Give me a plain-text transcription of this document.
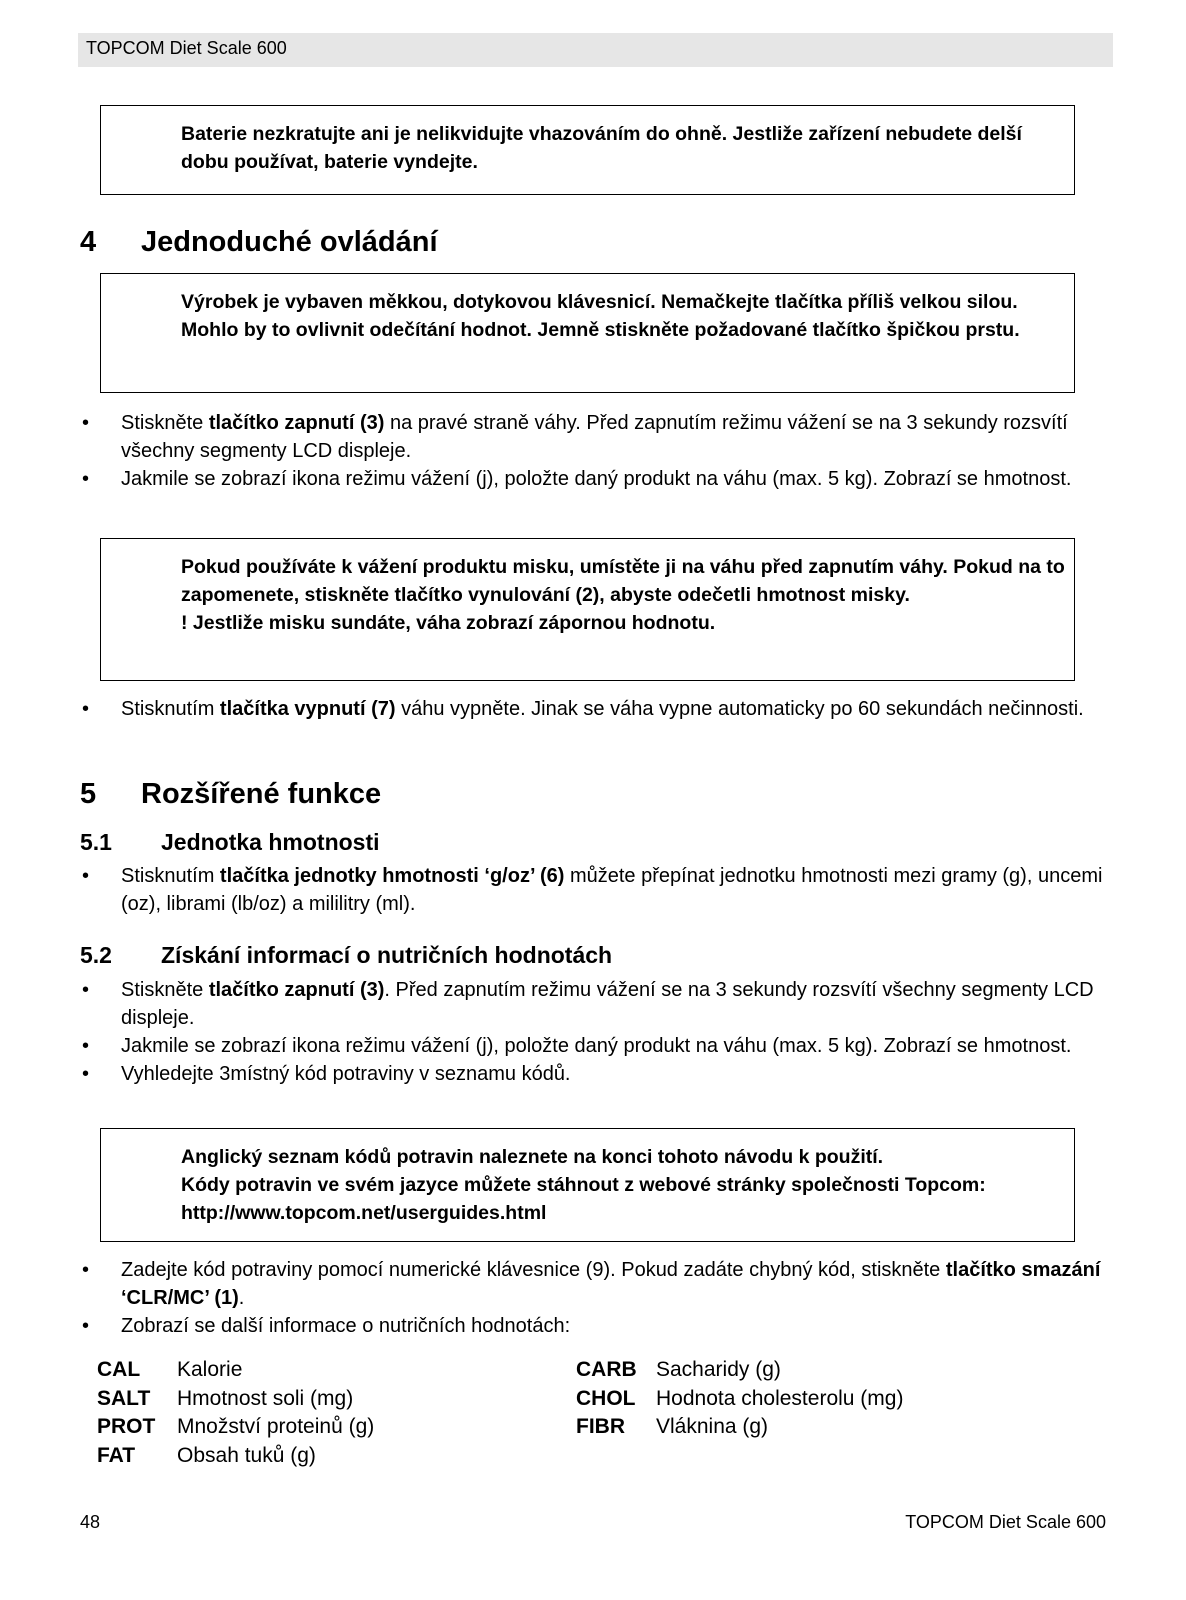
TOPCOM Diet Scale 600

Baterie nezkratujte ani je nelikvidujte vhazováním do ohně. Jestliže zařízení nebudete delší dobu používat, baterie vyndejte.

4 Jednoduché ovládání

Výrobek je vybaven měkkou, dotykovou klávesnicí. Nemačkejte tlačítka příliš velkou silou. Mohlo by to ovlivnit odečítání hodnot. Jemně stiskněte požadované tlačítko špičkou prstu.

• Stiskněte tlačítko zapnutí (3) na pravé straně váhy. Před zapnutím režimu vážení se na 3 sekundy rozsvítí všechny segmenty LCD displeje.
• Jakmile se zobrazí ikona režimu vážení (j), položte daný produkt na váhu (max. 5 kg). Zobrazí se hmotnost.

Pokud používáte k vážení produktu misku, umístěte ji na váhu před zapnutím váhy. Pokud na to zapomenete, stiskněte tlačítko vynulování (2), abyste odečetli hmotnost misky.

! Jestliže misku sundáte, váha zobrazí zápornou hodnotu.

• Stisknutím tlačítka vypnutí (7) váhu vypněte. Jinak se váha vypne automaticky po 60 sekundách nečinnosti.
5 Rozšířené funkce
5.1 Jednotka hmotnosti
• Stisknutím tlačítka jednotky hmotnosti ‘g/oz’ (6) můžete přepínat jednotku hmotnosti mezi gramy (g), uncemi (oz), librami (lb/oz) a mililitry (ml).
5.2 Získání informací o nutričních hodnotách
• Stiskněte tlačítko zapnutí (3). Před zapnutím režimu vážení se na 3 sekundy rozsvítí všechny segmenty LCD displeje.
• Jakmile se zobrazí ikona režimu vážení (j), položte daný produkt na váhu (max. 5 kg). Zobrazí se hmotnost.
• Vyhledejte 3místný kód potraviny v seznamu kódů.

Anglický seznam kódů potravin naleznete na konci tohoto návodu k použití.

Kódy potravin ve svém jazyce můžete stáhnout z webové stránky společnosti Topcom: http://www.topcom.net/userguides.html

• Zadejte kód potraviny pomocí numerické klávesnice (9). Pokud zadáte chybný kód, stiskněte tlačítko smazání ‘CLR/MC’ (1).
• Zobrazí se další informace o nutričních hodnotách:
CAL	Kalorie
SALT	Hmotnost soli (mg)
PROT	Množství proteinů (g)
FAT	Obsah tuků (g)
CARB Sacharidy (g)
CHOL Hodnota cholesterolu (mg)
FIBR	Vláknina (g)
48	TOPCOM Diet Scale 600
